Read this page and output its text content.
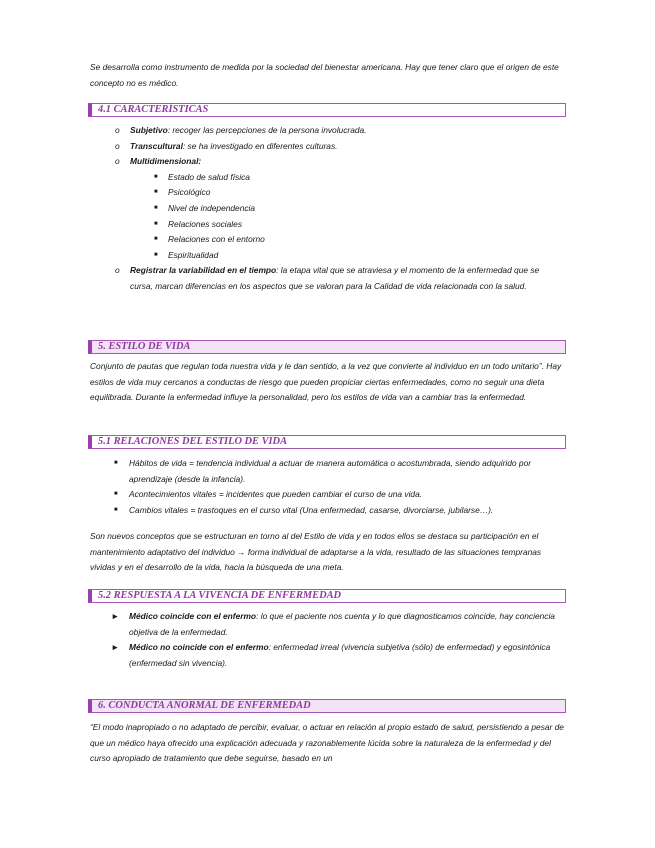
Se desarrolla como instrumento de medida por la sociedad del bienestar americana. Hay que tener claro que el origen de este concepto no es médico.

4.1 CARACTERÍSTICAS
o Subjetivo: recoger las percepciones de la persona involucrada.
o Transcultural: se ha investigado en diferentes culturas.
o Multidimensional:
■ Estado de salud física
■ Psicológico
■ Nivel de independencia
■ Relaciones sociales
■ Relaciones con el entorno
■ Espiritualidad
o Registrar la variabilidad en el tiempo: la etapa vital que se atraviesa y el momento de la enfermedad que se cursa, marcan diferencias en los aspectos que se valoran para la Calidad de vida relacionada con la salud.
5. ESTILO DE VIDA

Conjunto de pautas que regulan toda nuestra vida y le dan sentido, a la vez que convierte al individuo en un todo unitario”. Hay estilos de vida muy cercanos a conductas de riesgo que pueden propiciar ciertas enfermedades, como no seguir una dieta equilibrada. Durante la enfermedad influye la personalidad, pero los estilos de vida van a cambiar tras la enfermedad.

5.1 RELACIONES DEL ESTILO DE VIDA
■ Hábitos de vida = tendencia individual a actuar de manera automática o acostumbrada, siendo adquirido por aprendizaje (desde la infancia).
■ Acontecimientos vitales = incidentes que pueden cambiar el curso de una vida.
■ Cambios vitales = trastoques en el curso vital (Una enfermedad, casarse, divorciarse, jubilarse…).

Son nuevos conceptos que se estructuran en torno al del Estilo de vida y en todos ellos se destaca su participación en el mantenimiento adaptativo del individuo → forma individual de adaptarse a la vida, resultado de las situaciones tempranas vividas y en el desarrollo de la vida, hacia la búsqueda de una meta.

5.2 RESPUESTA A LA VIVENCIA DE ENFERMEDAD
► Médico coincide con el enfermo: lo que el paciente nos cuenta y lo que diagnosticamos coincide, hay conciencia objetiva de la enfermedad.
► Médico no coincide con el enfermo: enfermedad irreal (vivencia subjetiva (sólo) de enfermedad) y egosintónica (enfermedad sin vivencia).
6. CONDUCTA ANORMAL DE ENFERMEDAD

“El modo inapropiado o no adaptado de percibir, evaluar, o actuar en relación al propio estado de salud, persistiendo a pesar de que un médico haya ofrecido una explicación adecuada y razonablemente lúcida sobre la naturaleza de la enfermedad y del curso apropiado de tratamiento que debe seguirse, basado en un
